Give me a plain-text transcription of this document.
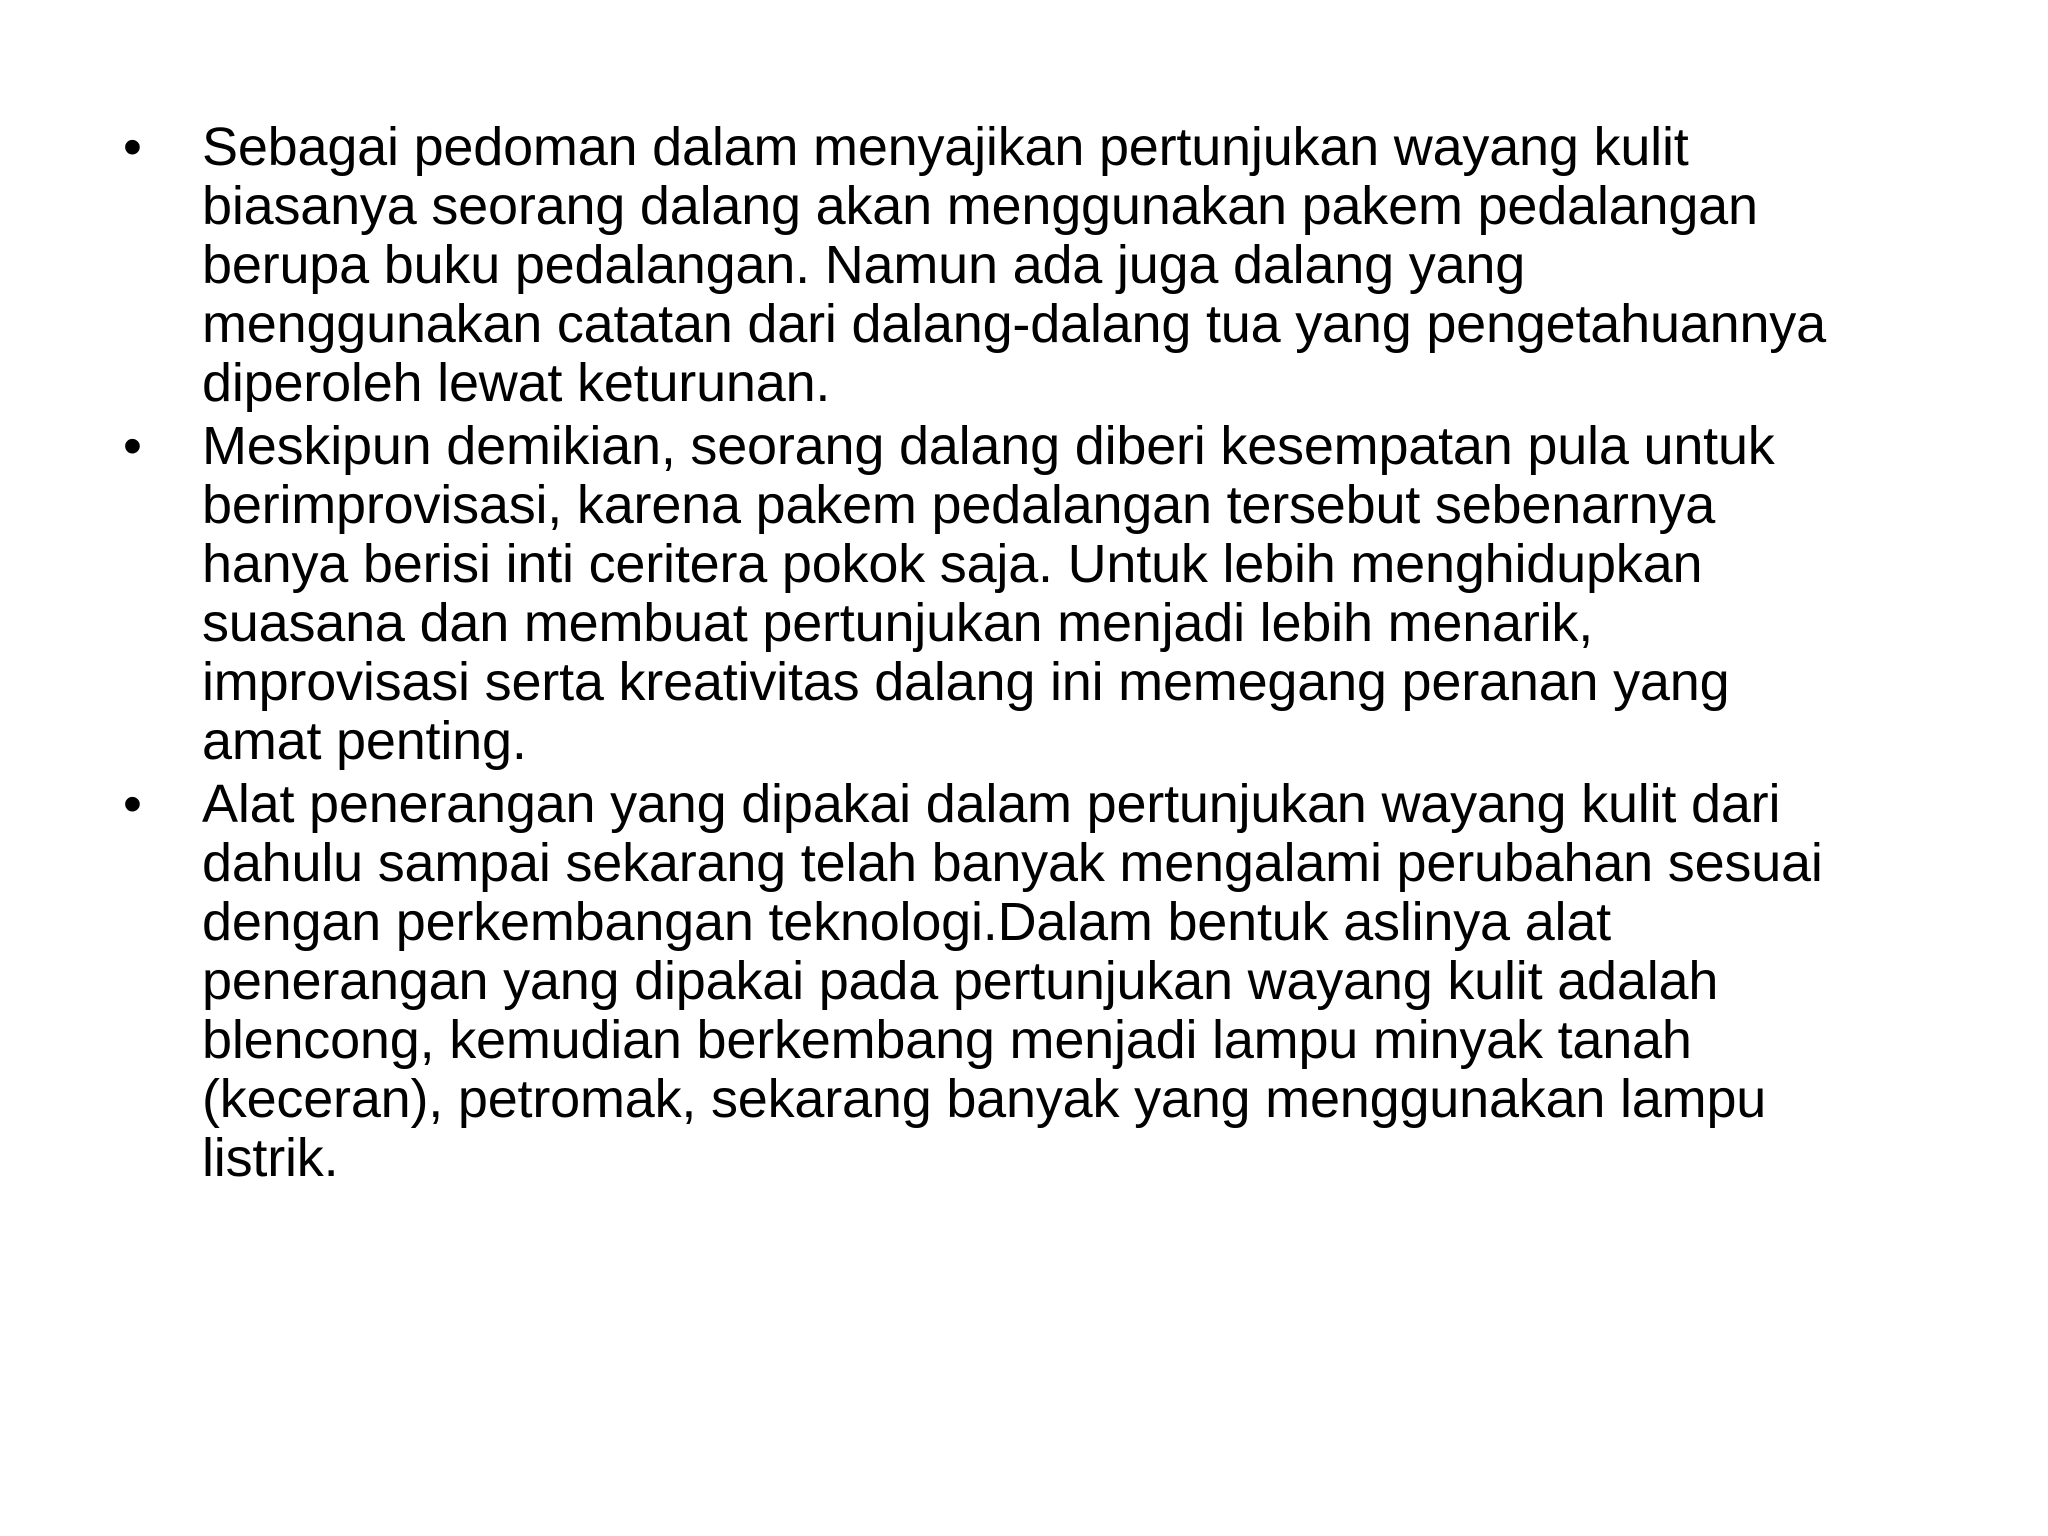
•	Sebagai pedoman dalam menyajikan pertunjukan wayang kulit
biasanya seorang dalang akan menggunakan pakem pedalangan
berupa buku pedalangan. Namun ada juga dalang yang
menggunakan catatan dari dalang-dalang tua yang pengetahuannya
diperoleh lewat keturunan.
•	Meskipun demikian, seorang dalang diberi kesempatan pula untuk
berimprovisasi, karena pakem pedalangan tersebut sebenarnya
hanya berisi inti ceritera pokok saja. Untuk lebih menghidupkan
suasana dan membuat pertunjukan menjadi lebih menarik,
improvisasi serta kreativitas dalang ini memegang peranan yang
amat penting.
•	Alat penerangan yang dipakai dalam pertunjukan wayang kulit dari
dahulu sampai sekarang telah banyak mengalami perubahan sesuai
dengan perkembangan teknologi.Dalam bentuk aslinya alat
penerangan yang dipakai pada pertunjukan wayang kulit adalah
blencong, kemudian berkembang menjadi lampu minyak tanah
(keceran), petromak, sekarang banyak yang menggunakan lampu
listrik.
